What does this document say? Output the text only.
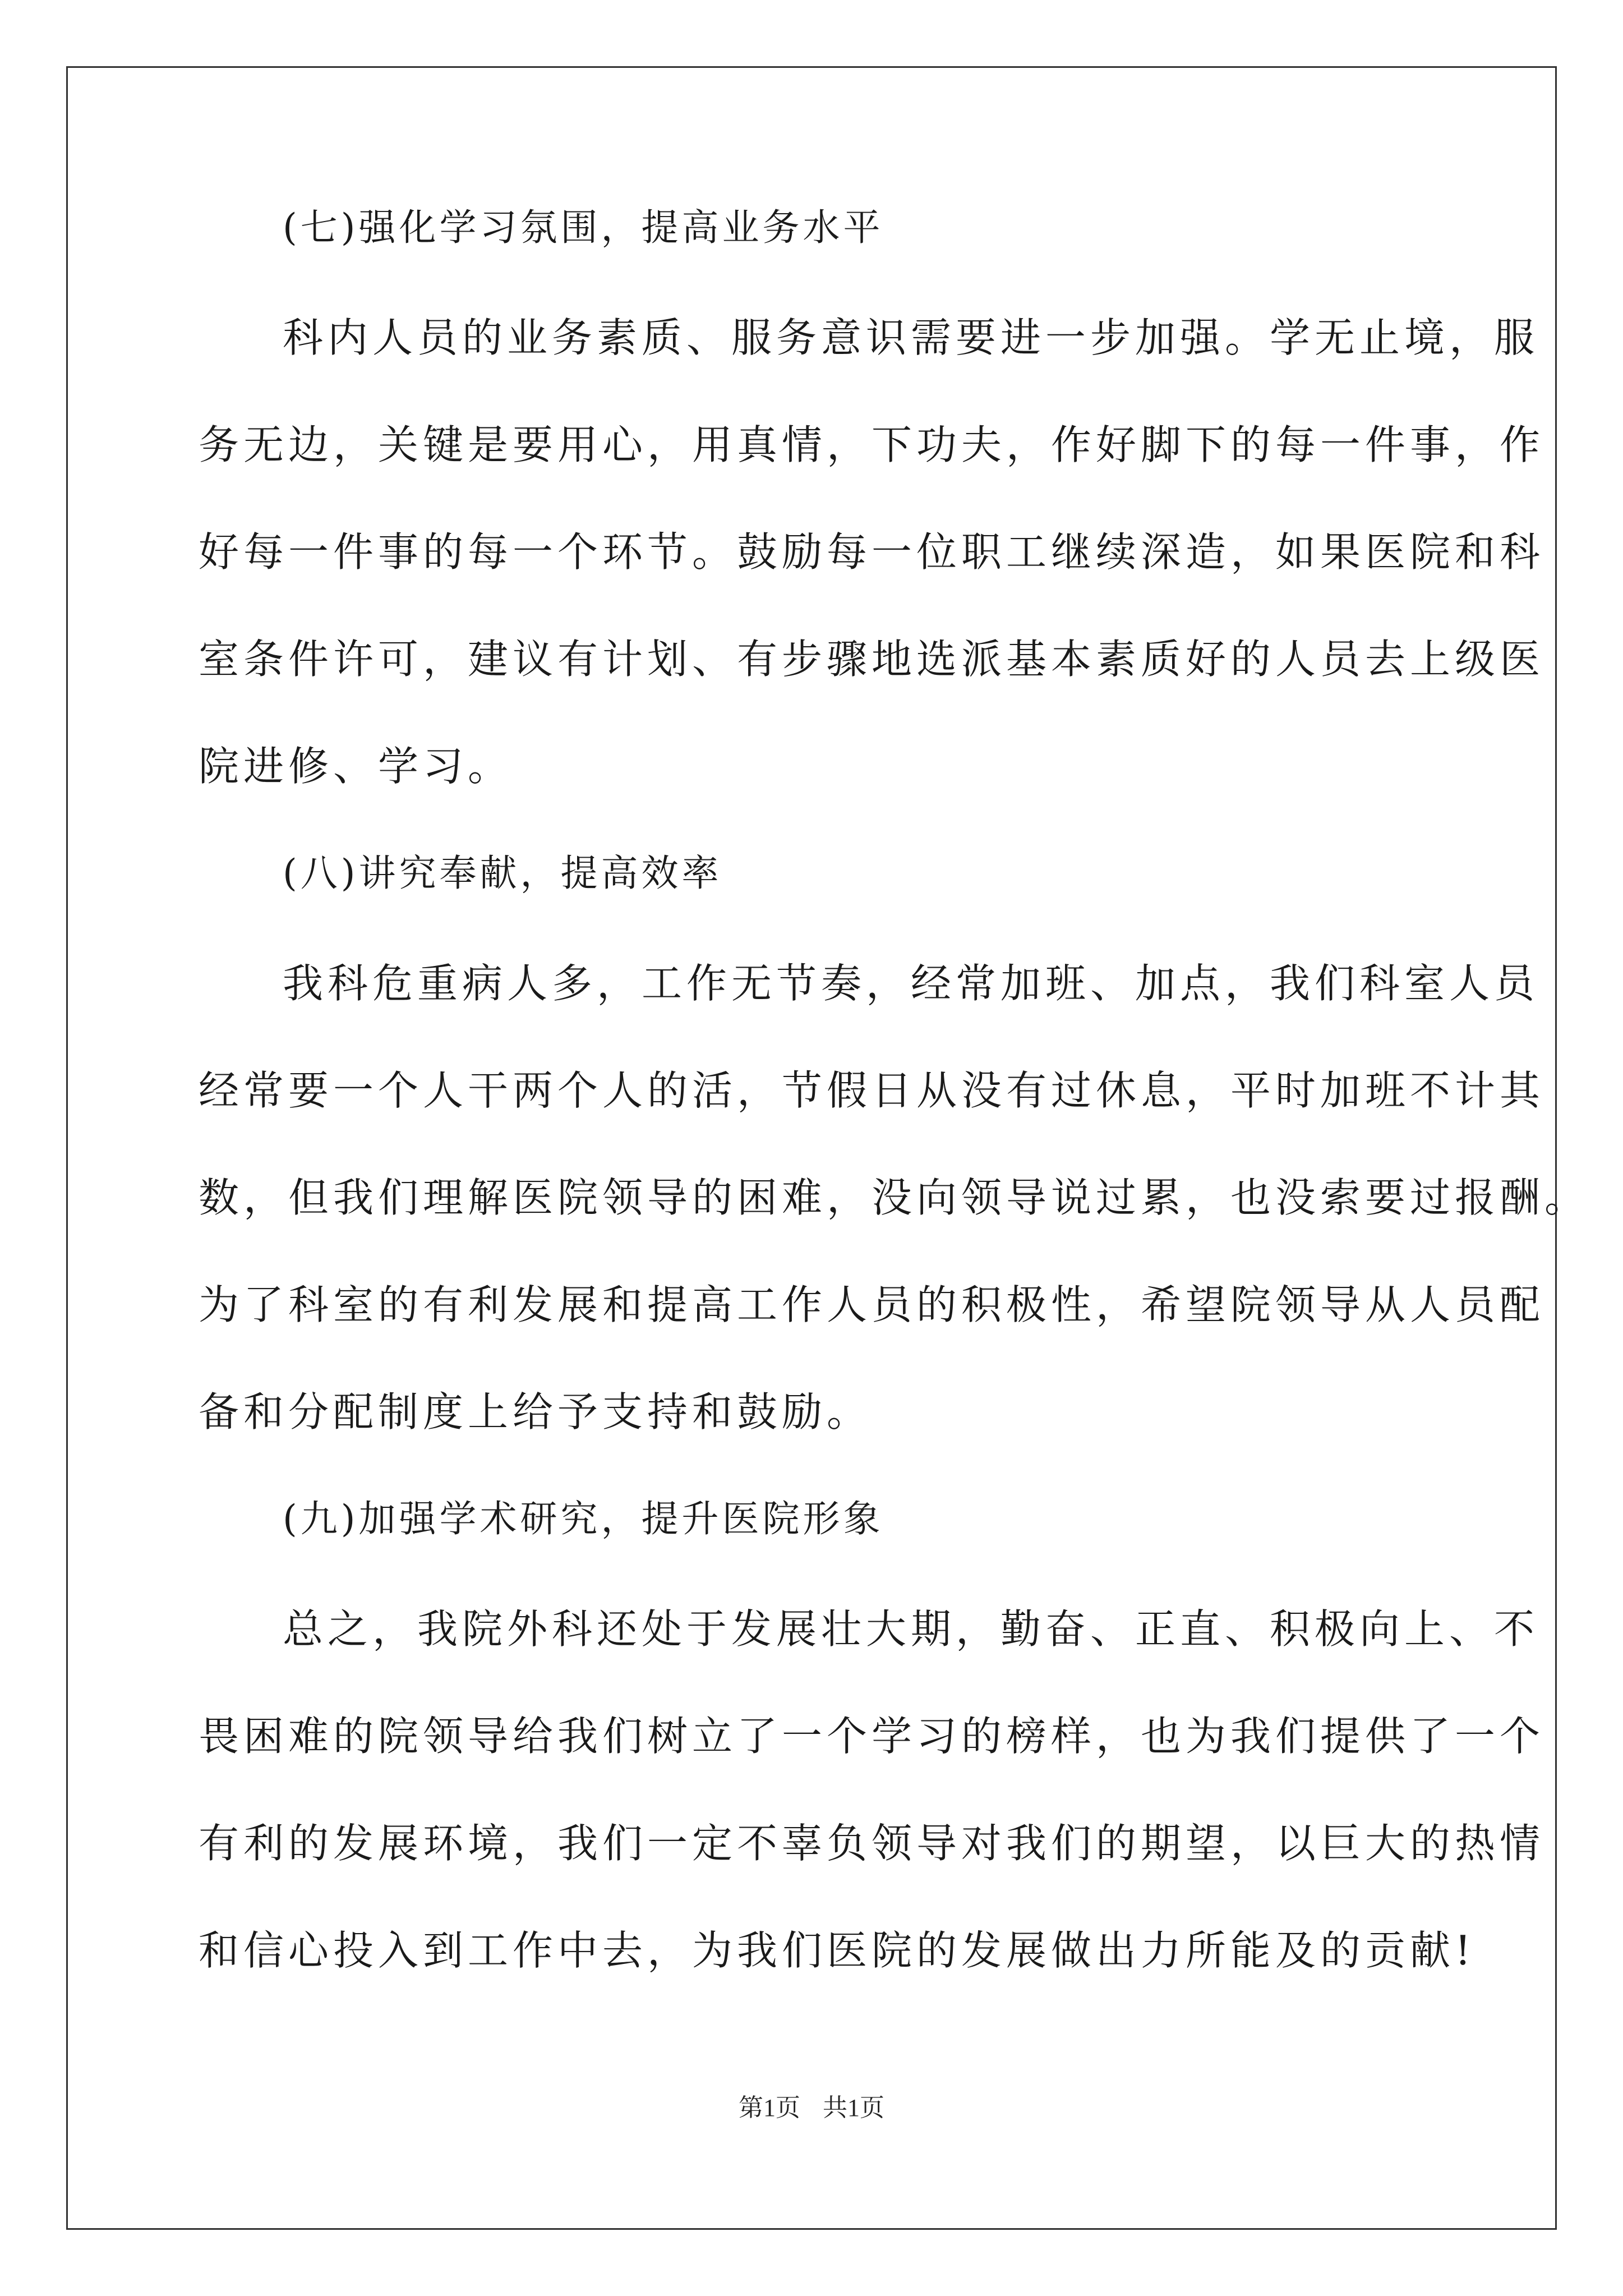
(七)强化学习氛围，提高业务水平
科内人员的业务素质、服务意识需要进一步加强。学无止境，服
务无边，关键是要用心，用真情，下功夫，作好脚下的每一件事，作
好每一件事的每一个环节。鼓励每一位职工继续深造，如果医院和科
室条件许可，建议有计划、有步骤地选派基本素质好的人员去上级医
院进修、学习。
(八)讲究奉献，提高效率
我科危重病人多，工作无节奏，经常加班、加点，我们科室人员
经常要一个人干两个人的活，节假日从没有过休息，平时加班不计其
数，但我们理解医院领导的困难，没向领导说过累，也没索要过报酬。
为了科室的有利发展和提高工作人员的积极性，希望院领导从人员配
备和分配制度上给予支持和鼓励。
(九)加强学术研究，提升医院形象
总之，我院外科还处于发展壮大期，勤奋、正直、积极向上、不
畏困难的院领导给我们树立了一个学习的榜样，也为我们提供了一个
有利的发展环境，我们一定不辜负领导对我们的期望，以巨大的热情
和信心投入到工作中去，为我们医院的发展做出力所能及的贡献!
第1页 共1页
